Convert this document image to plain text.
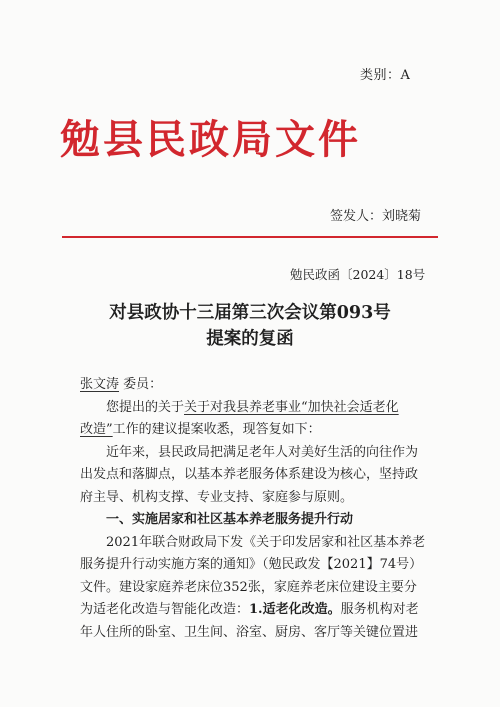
类别：A
勉县民政局文件
签发人：刘晓菊
勉民政函〔2024〕18号
对县政协十三届第三次会议第093号
提案的复函
张文涛 委员：
您提出的关于关于对我县养老事业“加快社会适老化
改造”工作的建议提案收悉，现答复如下：
近年来，县民政局把满足老年人对美好生活的向往作为
出发点和落脚点，以基本养老服务体系建设为核心，坚持政
府主导、机构支撑、专业支持、家庭参与原则。
一、实施居家和社区基本养老服务提升行动
2021年联合财政局下发《关于印发居家和社区基本养老
服务提升行动实施方案的通知》（勉民政发【2021】74号）
文件。建设家庭养老床位352张，家庭养老床位建设主要分
为适老化改造与智能化改造：1.适老化改造。服务机构对老
年人住所的卧室、卫生间、浴室、厨房、客厅等关键位置进
